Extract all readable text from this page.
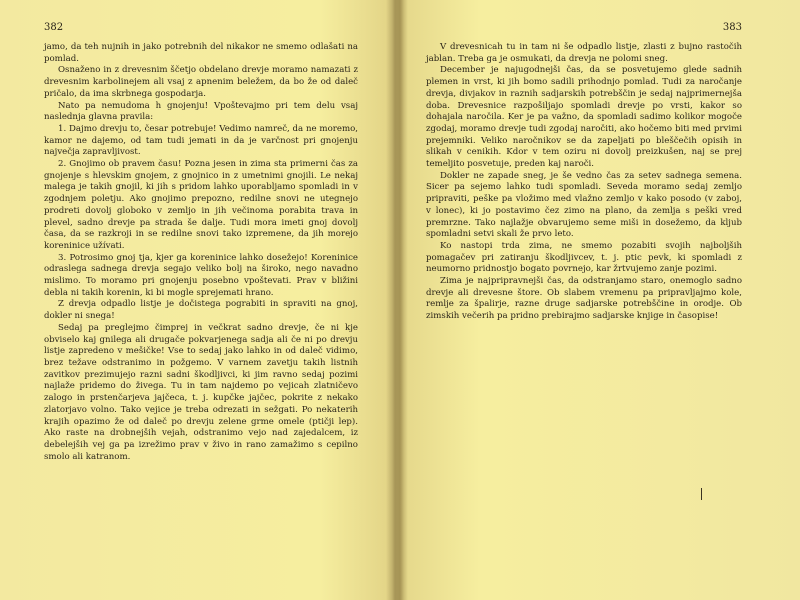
382

jamo, da teh nujnih in jako potrebnih del nikakor ne smemo odlašati na pomlad.

Osnaženo in z drevesnim ščetjo obdelano drevje moramo namazati z drevesnim karbolinejem ali vsaj z apnenim beležem, da bo že od daleč pričalo, da ima skrbnega gospodarja.

Nato pa nemudoma h gnojenju! Vpoštevajmo pri tem delu vsaj naslednja glavna pravila:

1. Dajmo drevju to, česar potrebuje! Vedimo namreč, da ne moremo, kamor ne dajemo, od tam tudi jemati in da je varčnost pri gnojenju največja zapravljivost.

2. Gnojimo ob pravem času! Pozna jesen in zima sta primerni čas za gnojenje s hlevskim gnojem, z gnojnico in z umetnimi gnojili. Le nekaj malega je takih gnojil, ki jih s pridom lahko uporabljamo spomladi in v zgodnjem poletju. Ako gnojimo prepozno, redilne snovi ne utegnejo prodreti dovolj globoko v zemljo in jih večinoma porabita trava in plevel, sadno drevje pa strada še dalje. Tudi mora imeti gnoj dovolj časa, da se razkroji in se redilne snovi tako izpremene, da jih morejo koreninice užívati.

3. Potrosimo gnoj tja, kjer ga koreninice lahko dosežejo! Koreninice odraslega sadnega drevja segajo veliko bolj na široko, nego navadno mislimo. To moramo pri gnojenju posebno vpoštevati. Prav v bližini debla ni takih korenin, ki bi mogle sprejemati hrano.

Z drevja odpadlo listje je dočistega pograbiti in spraviti na gnoj, dokler ni snega!

Sedaj pa preglejmo čimprej in večkrat sadno drevje, če ni kje obviselo kaj gnilega ali drugače pokvarjenega sadja ali če ni po drevju listje zapredeno v mešičke! Vse to sedaj jako lahko in od daleč vidimo, brez težave odstranimo in požgemo. V varnem zavetju takih listnih zavitkov prezimujejo razni sadni škodljivci, ki jim ravno sedaj pozimi najlaže pridemo do živega. Tu in tam najdemo po vejicah zlatničevo zalogo in prstenčarjeva jajčeca, t. j. kupčke jajčec, pokrite z nekako zlatorjavo volno. Tako vejice je treba odrezati in sežgati. Po nekaterih krajih opazimo že od daleč po drevju zelene grme omele (ptičji lep). Ako raste na drobnejših vejah, odstranimo vejo nad zajedalcem, iz debelejših vej ga pa izrežimo prav v živo in rano zamažimo s cepilno smolo ali katranom.

383

V drevesnicah tu in tam ni še odpadlo listje, zlasti z bujno rastočih jablan. Treba ga je osmukati, da drevja ne polomi sneg.

December je najugodnejši čas, da se posvetujemo glede sadnih plemen in vrst, ki jih bomo sadili prihodnjo pomlad. Tudi za naročanje drevja, divjakov in raznih sadjarskih potrebščin je sedaj najprimernejša doba. Drevesnice razpošiljajo spomladi drevje po vrsti, kakor so dohajala naročila. Ker je pa važno, da spomladi sadimo kolikor mogoče zgodaj, moramo drevje tudi zgodaj naročiti, ako hočemo biti med prvimi prejemniki. Veliko naročnikov se da zapeljati po bleščečih opisih in slikah v cenikih. Kdor v tem oziru ni dovolj preizkušen, naj se prej temeljito posvetuje, preden kaj naroči.

Dokler ne zapade sneg, je še vedno čas za setev sadnega semena. Sicer pa sejemo lahko tudi spomladi. Seveda moramo sedaj zemljo pripraviti, peške pa vložimo med vlažno zemljo v kako posodo (v zaboj, v lonec), ki jo postavimo čez zimo na plano, da zemlja s peški vred premrzne. Tako najlažje obvarujemo seme miši in dosežemo, da kljub spomladni setvi skali že prvo leto.

Ko nastopi trda zima, ne smemo pozabiti svojih najboljših pomagačev pri zatiranju škodljivcev, t. j. ptic pevk, ki spomladi z neumorno pridnostjo bogato povrnejo, kar žrtvujemo zanje pozimi.

Zima je najpripravnejši čas, da odstranjamo staro, onemoglo sadno drevje ali drevesne štore. Ob slabem vremenu pa pripravljajmo kole, remlje za špalirje, razne druge sadjarske potrebščine in orodje. Ob zimskih večerih pa pridno prebirajmo sadjarske knjige in časopise!
